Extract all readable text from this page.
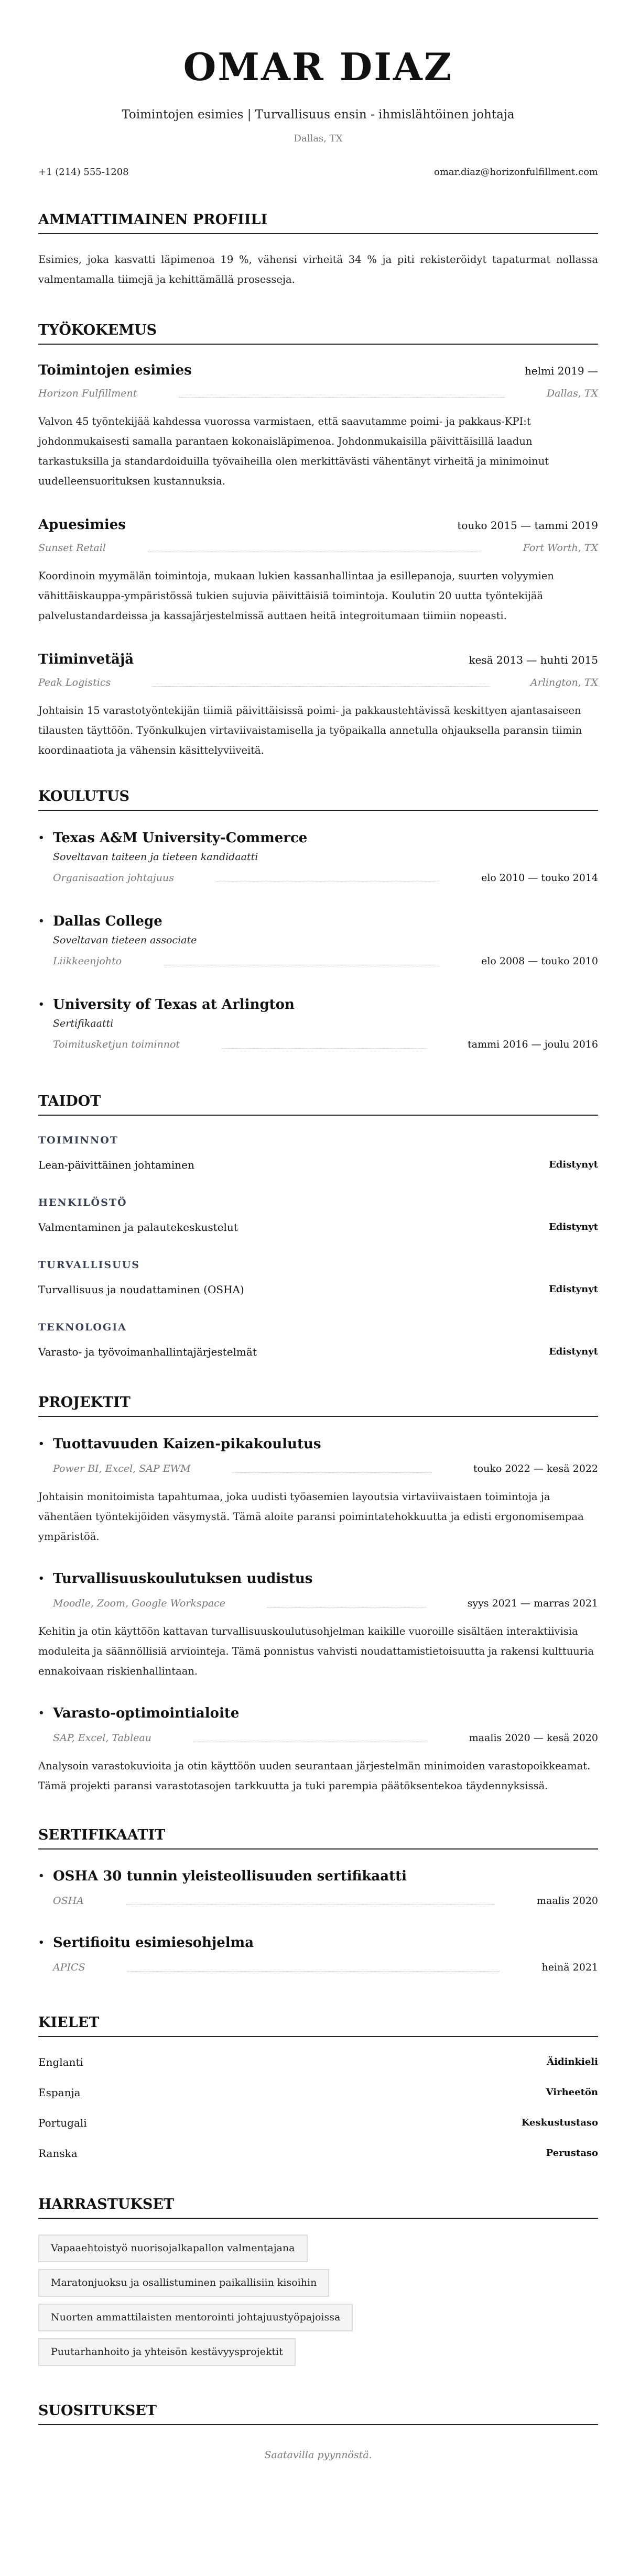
OMAR DIAZ
Toimintojen esimies | Turvallisuus ensin - ihmislähtöinen johtaja
Dallas, TX
+1 (214) 555-1208	omar.diaz@horizonfulfillment.com
AMMATTIMAINEN PROFIILI

Esimies, joka kasvatti läpimenoa 19 %, vähensi virheitä 34 % ja piti rekisteröidyt tapaturmat nollassa valmentamalla tiimejä ja kehittämällä prosesseja.

TYÖKOKEMUS
Toimintojen esimies	helmi 2019 —
Horizon Fulfillment	Dallas, TX
Valvon 45 työntekijää kahdessa vuorossa varmistaen, että saavutamme poimi- ja pakkaus-KPI:t johdonmukaisesti samalla parantaen kokonaisläpimenoa. Johdonmukaisilla päivittäisillä laadun tarkastuksilla ja standardoiduilla työvaiheilla olen merkittävästi vähentänyt virheitä ja minimoinut uudelleensuorituksen kustannuksia.
Apuesimies	touko 2015 — tammi 2019
Sunset Retail	Fort Worth, TX
Koordinoin myymälän toimintoja, mukaan lukien kassanhallintaa ja esillepanoja, suurten volyymien vähittäiskauppa-ympäristössä tukien sujuvia päivittäisiä toimintoja. Koulutin 20 uutta työntekijää palvelustandardeissa ja kassajärjestelmissä auttaen heitä integroitumaan tiimiin nopeasti.
Tiiminvetäjä	kesä 2013 — huhti 2015
Peak Logistics	Arlington, TX
Johtaisin 15 varastotyöntekijän tiimiä päivittäisissä poimi- ja pakkaustehtävissä keskittyen ajantasaiseen tilausten täyttöön. Työnkulkujen virtaviivaistamisella ja työpaikalla annetulla ohjauksella paransin tiimin koordinaatiota ja vähensin käsittelyviiveitä.
KOULUTUS
• Texas A&M University-Commerce
Soveltavan taiteen ja tieteen kandidaatti
Organisaation johtajuus	elo 2010 — touko 2014
• Dallas College
Soveltavan tieteen associate
Liikkeenjohto	elo 2008 — touko 2010
• University of Texas at Arlington
Sertifikaatti
Toimitusketjun toiminnot	tammi 2016 — joulu 2016
TAIDOT
TOIMINNOT
Lean-päivittäinen johtaminen	Edistynyt
HENKILÖSTÖ
Valmentaminen ja palautekeskustelut	Edistynyt
TURVALLISUUS
Turvallisuus ja noudattaminen (OSHA)	Edistynyt
TEKNOLOGIA
Varasto- ja työvoimanhallintajärjestelmät	Edistynyt
PROJEKTIT
• Tuottavuuden Kaizen-pikakoulutus
Power BI, Excel, SAP EWM	touko 2022 — kesä 2022
Johtaisin monitoimista tapahtumaa, joka uudisti työasemien layoutsia virtaviivaistaen toimintoja ja vähentäen työntekijöiden väsymystä. Tämä aloite paransi poimintatehokkuutta ja edisti ergonomisempaa ympäristöä.
• Turvallisuuskoulutuksen uudistus
Moodle, Zoom, Google Workspace	syys 2021 — marras 2021
Kehitin ja otin käyttöön kattavan turvallisuuskoulutusohjelman kaikille vuoroille sisältäen interaktiivisia moduleita ja säännöllisiä arviointeja. Tämä ponnistus vahvisti noudattamistietoisuutta ja rakensi kulttuuria ennakoivaan riskienhallintaan.
• Varasto-optimointialoite
SAP, Excel, Tableau	maalis 2020 — kesä 2020
Analysoin varastokuvioita ja otin käyttöön uuden seurantaan järjestelmän minimoiden varastopoikkeamat. Tämä projekti paransi varastotasojen tarkkuutta ja tuki parempia päätöksentekoa täydennyksissä.
SERTIFIKAATIT
• OSHA 30 tunnin yleisteollisuuden sertifikaatti
OSHA	maalis 2020
• Sertifioitu esimiesohjelma
APICS	heinä 2021
KIELET
Englanti	Äidinkieli
Espanja	Virheetön
Portugali	Keskustustaso
Ranska	Perustaso
HARRASTUKSET
Vapaaehtoistyö nuorisojalkapallon valmentajana
Maratonjuoksu ja osallistuminen paikallisiin kisoihin
Nuorten ammattilaisten mentorointi johtajuustyöpajoissa
Puutarhanhoito ja yhteisön kestävyysprojektit
SUOSITUKSET
Saatavilla pyynnöstä.
